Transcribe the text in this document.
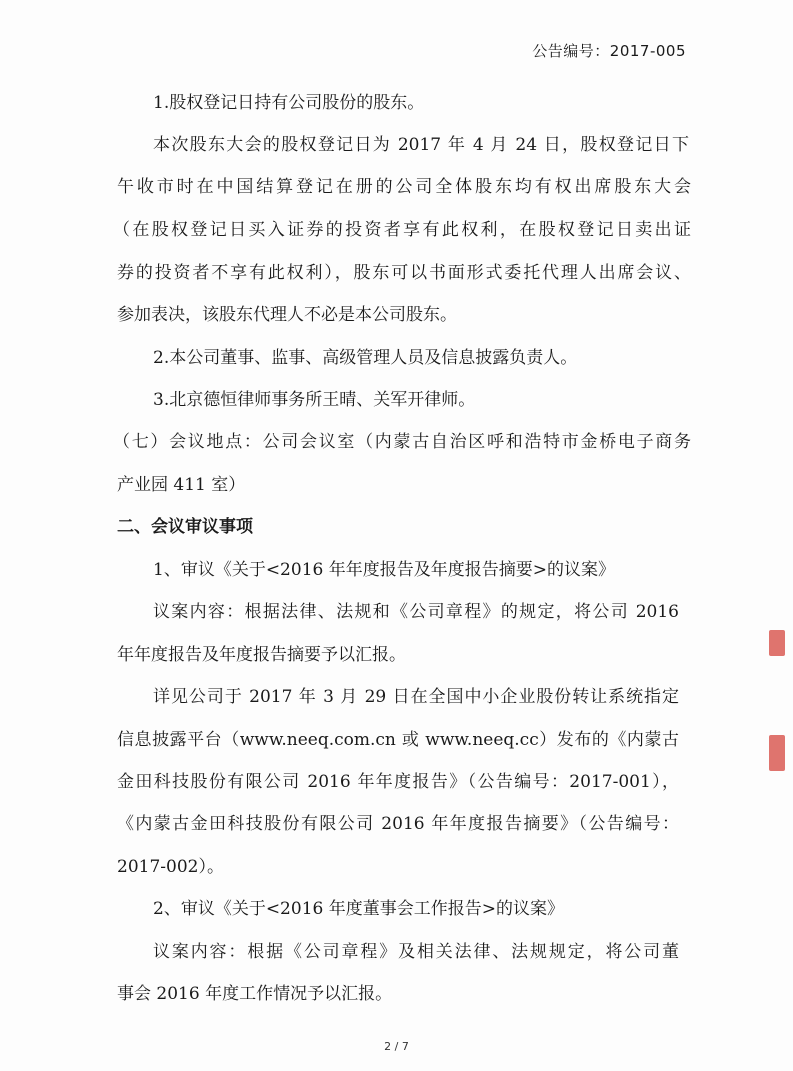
公告编号：2017-005
1.股权登记日持有公司股份的股东。
本次股东大会的股权登记日为 2017 年 4 月 24 日，股权登记日下
午收市时在中国结算登记在册的公司全体股东均有权出席股东大会
（在股权登记日买入证券的投资者享有此权利，在股权登记日卖出证
券的投资者不享有此权利），股东可以书面形式委托代理人出席会议、
参加表决，该股东代理人不必是本公司股东。
2.本公司董事、监事、高级管理人员及信息披露负责人。
3.北京德恒律师事务所王晴、关军开律师。
（七）会议地点：公司会议室（内蒙古自治区呼和浩特市金桥电子商务
产业园 411 室）
二、会议审议事项
1、审议《关于<2016 年年度报告及年度报告摘要>的议案》
议案内容：根据法律、法规和《公司章程》的规定，将公司 2016
年年度报告及年度报告摘要予以汇报。
详见公司于 2017 年 3 月 29 日在全国中小企业股份转让系统指定
信息披露平台（www.neeq.com.cn 或 www.neeq.cc）发布的《内蒙古
金田科技股份有限公司 2016 年年度报告》（公告编号：2017-001），
《内蒙古金田科技股份有限公司 2016 年年度报告摘要》（公告编号：
2017-002）。
2、审议《关于<2016 年度董事会工作报告>的议案》
议案内容：根据《公司章程》及相关法律、法规规定，将公司董
事会 2016 年度工作情况予以汇报。
2 / 7
